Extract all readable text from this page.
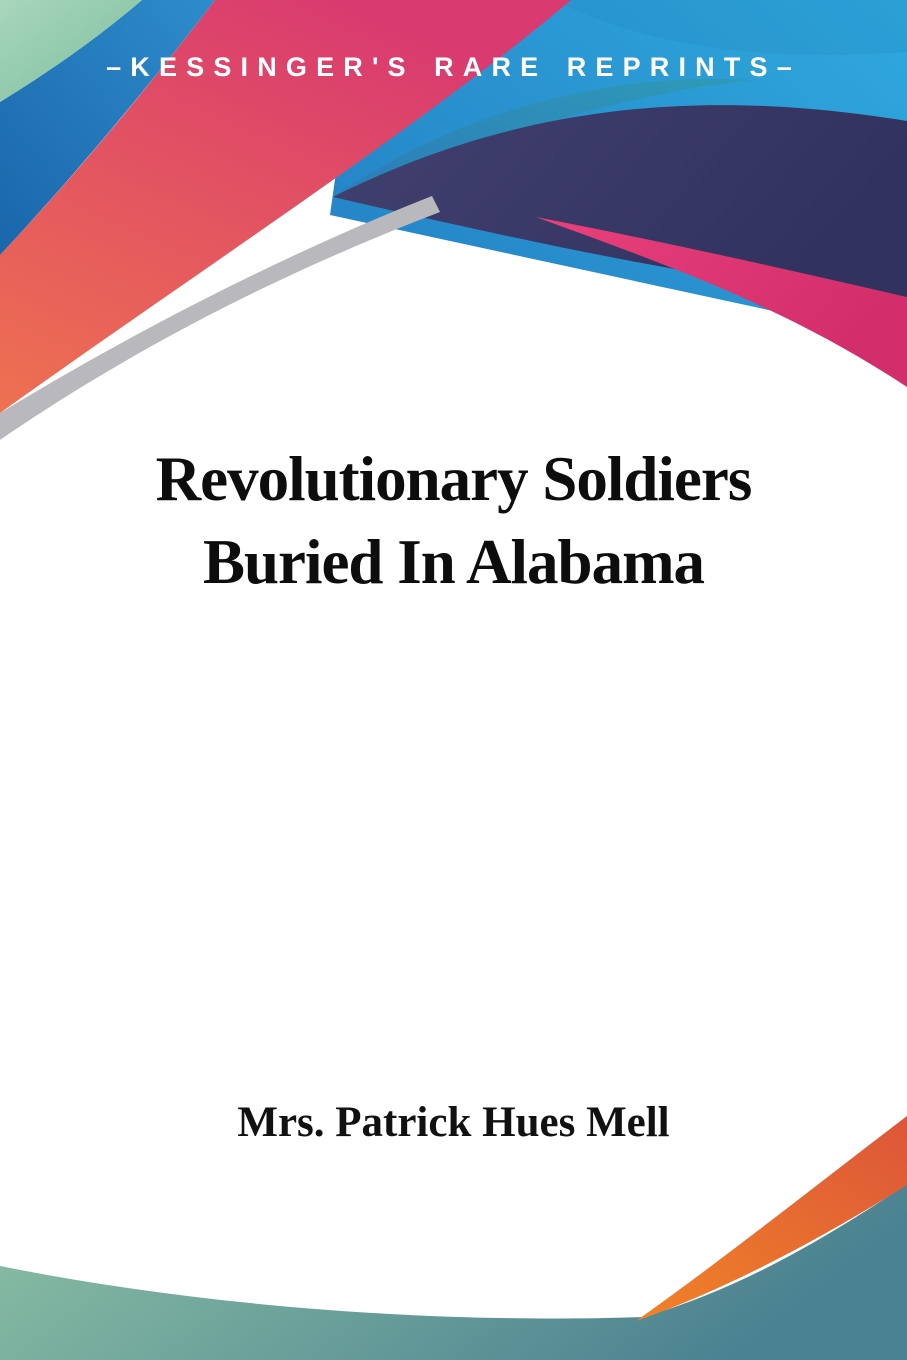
–KESSINGER'S RARE REPRINTS–
Revolutionary Soldiers
Buried In Alabama
Mrs. Patrick Hues Mell
